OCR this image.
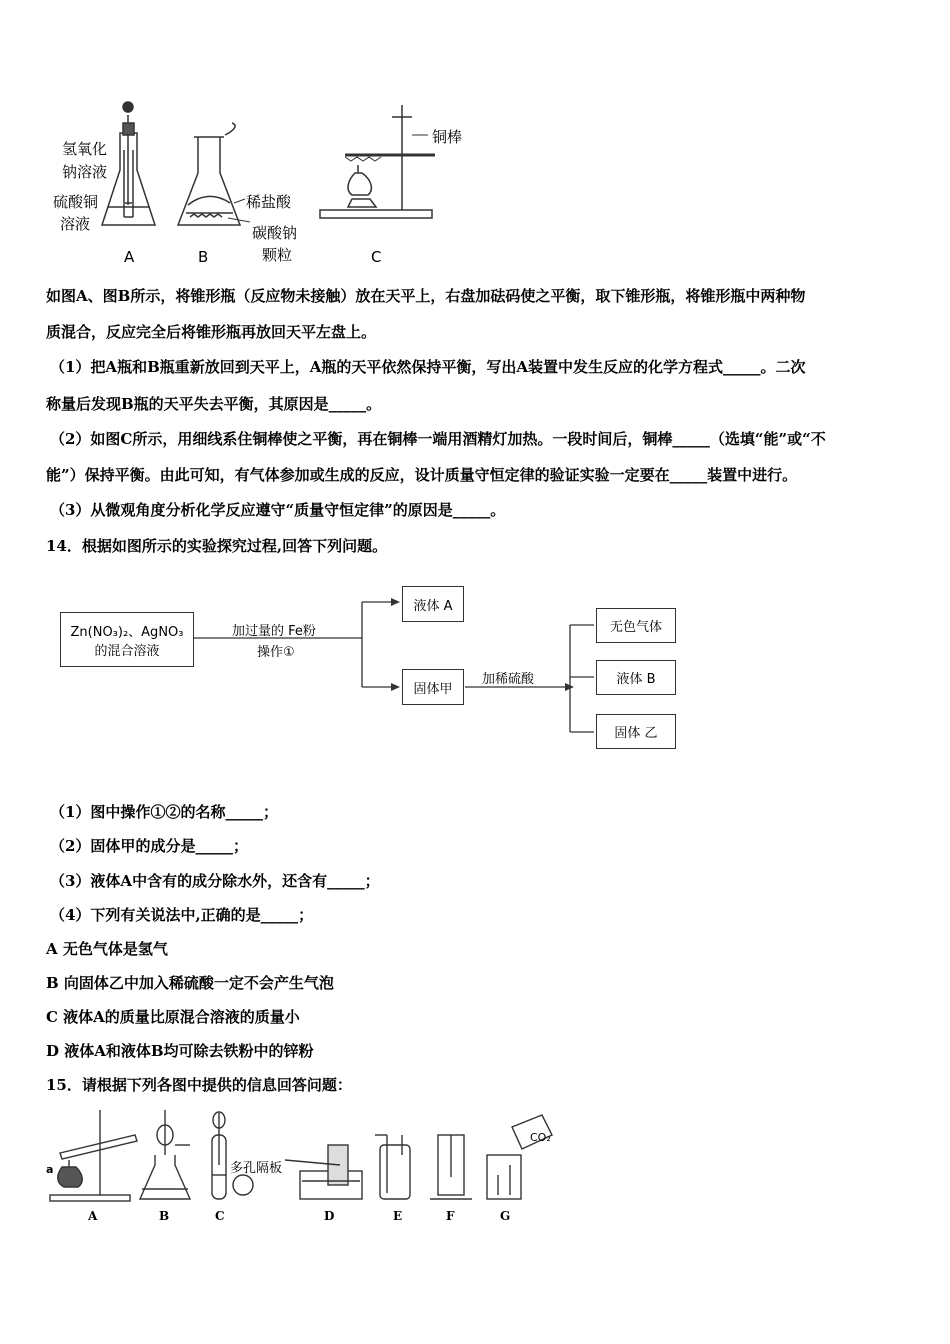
氢氧化
钠溶液
硫酸铜
溶液
稀盐酸
碳酸钠
颗粒
铜棒
A	B	C
如图A、图B所示，将锥形瓶（反应物未接触）放在天平上，右盘加砝码使之平衡，取下锥形瓶，将锥形瓶中两种物
质混合，反应完全后将锥形瓶再放回天平左盘上。
（1）把A瓶和B瓶重新放回到天平上，A瓶的天平依然保持平衡，写出A装置中发生反应的化学方程式_____。二次
称量后发现B瓶的天平失去平衡，其原因是_____。
（2）如图C所示，用细线系住铜棒使之平衡，再在铜棒一端用酒精灯加热。一段时间后，铜棒_____（选填“能”或“不
能”）保持平衡。由此可知，有气体参加或生成的反应，设计质量守恒定律的验证实验一定要在_____装置中进行。
（3）从微观角度分析化学反应遵守“质量守恒定律”的原因是_____。
14．根据如图所示的实验探究过程,回答下列问题。
Zn(NO₃)₂、AgNO₃
的混合溶液
加过量的 Fe粉
操作①
液体 A
固体甲
加稀硫酸
无色气体
液体 B
固体 乙
（1）图中操作①②的名称_____；
（2）固体甲的成分是_____；
（3）液体A中含有的成分除水外，还含有_____；
（4）下列有关说法中,正确的是_____；
A 无色气体是氢气
B 向固体乙中加入稀硫酸一定不会产生气泡
C 液体A的质量比原混合溶液的质量小
D 液体A和液体B均可除去铁粉中的锌粉
15．请根据下列各图中提供的信息回答问题：
a	多孔隔板
CO₂
A	B	C	D	E	F	G
